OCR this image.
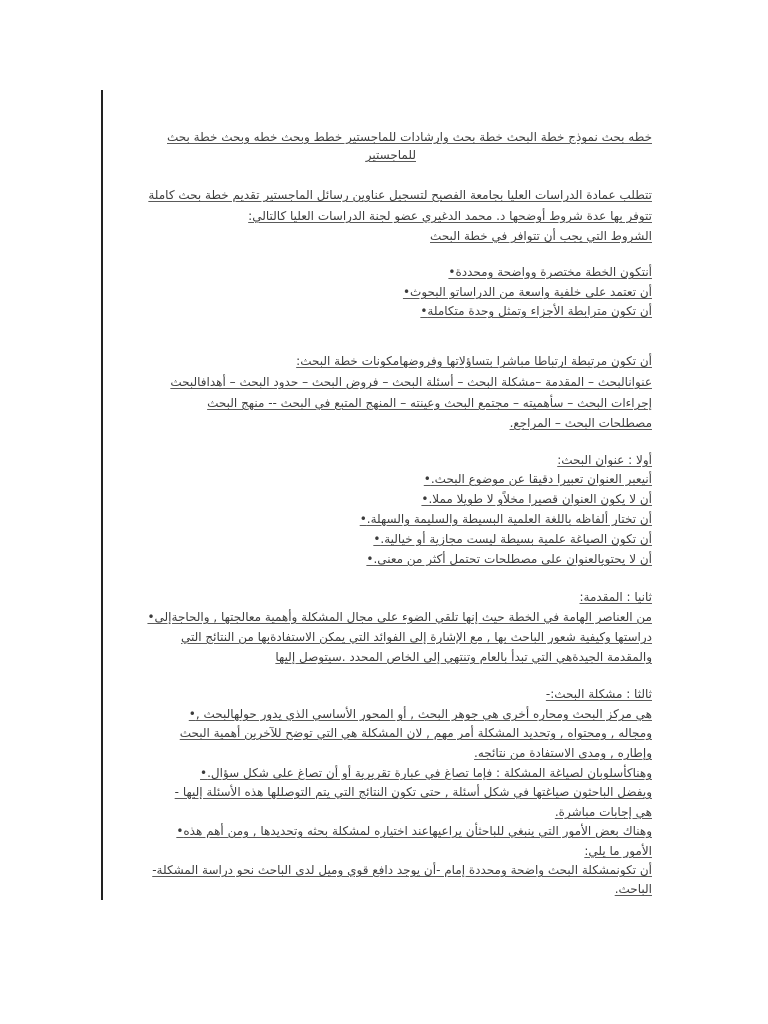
خطه بحث نموذج خطة البحث خطة بحث وارشادات للماجستير خطط وبحث خطه وبحث خطة بحث

للماجستير

تتطلب عمادة الدراسات العليا بجامعة الفصيح لتسجيل عناوين رسائل الماجستير تقديم خطة بحث كاملة

تتوفر بها عدة شروط أوضحها د. محمد الدغيري عضو لجنة الدراسات العليا كالتالي:

الشروط التي يجب أن تتوافر في خطة البحث

أنتكون الخطة مختصرة وواضحة ومحددة•

أن تعتمد على خلفية واسعة من الدراساتو البحوث•

أن تكون مترابطة الأجزاء وتمثل وحدة متكاملة•

أن تكون مرتبطة ارتباطا مباشرا بتساؤلاتها وفروضهامكونات خطة البحث:

عنوانالبحث – المقدمة –مشكلة البحث – أسئلة البحث – فروض البحث – حدود البحث – أهدافالبحث

إجراءات البحث – سأهميته – مجتمع البحث وعينته – المنهج المتبع في البحث -- منهج البحث

مصطلحات البحث – المراجع.

أولا : عنوان البحث:

أنيعبر العنوان تعبيرا دقيقا عن موضوع البحث.•

أن لا يكون العنوان قصيرا مخلاًو لا طويلا مملا.•

أن تختار ألفاظه باللغة العلمية البسيطة والسليمة والسهلة.•

أن تكون الصياغة علمية بسيطة ليست مجازية أو خيالية.•

أن لا يحتويالعنوان على مصطلحات تحتمل أكثر من معنى.•

ثانيا : المقدمة:

من العناصر الهامة في الخطة حيث إنها تلقي الضوء على مجال المشكلة وأهمية معالجتها , والحاجةإلى•

دراستها وكيفية شعور الباحث بها , مع الإشارة إلى الفوائد التي يمكن الاستفادةبها من النتائج التي

والمقدمة الجيدةهي التي تبدأ بالعام وتنتهي إلى الخاص المحدد .سيتوصل إليها

ثالثا : مشكلة البحث:-

هي مركز البحث ومحاره أخرى هي جوهر البحث , أو المحور الأساسي الذي يدور حولهالبحث ,•

ومجاله , ومحتواه , وتحديد المشكلة أمر مهم , لان المشكلة هي التي توضح للآخرين أهمية البحث

وإطاره , ومدى الاستفادة من نتائجه.

وهناكأسلوبان لصياغة المشكلة : فإما تصاغ في عبارة تقريرية أو أن تصاغ على شكل سؤال.•

ويفضل الباحثون صياغتها في شكل أسئلة , حتى تكون النتائج التي يتم التوصللها هذه الأسئلة إليها -

هي إجابات مباشرة.

وهناك بعض الأمور التي ينبغي للباحثأن يراعيهاعند اختياره لمشكلة بحثه وتحديدها , ومن أهم هذه•

الأمور ما يلي:

أن تكونمشكلة البحث واضحة ومحددة إمام -أن يوجد دافع قوي وميل لدى الباحث نحو دراسة المشكلة-

الباحث.
